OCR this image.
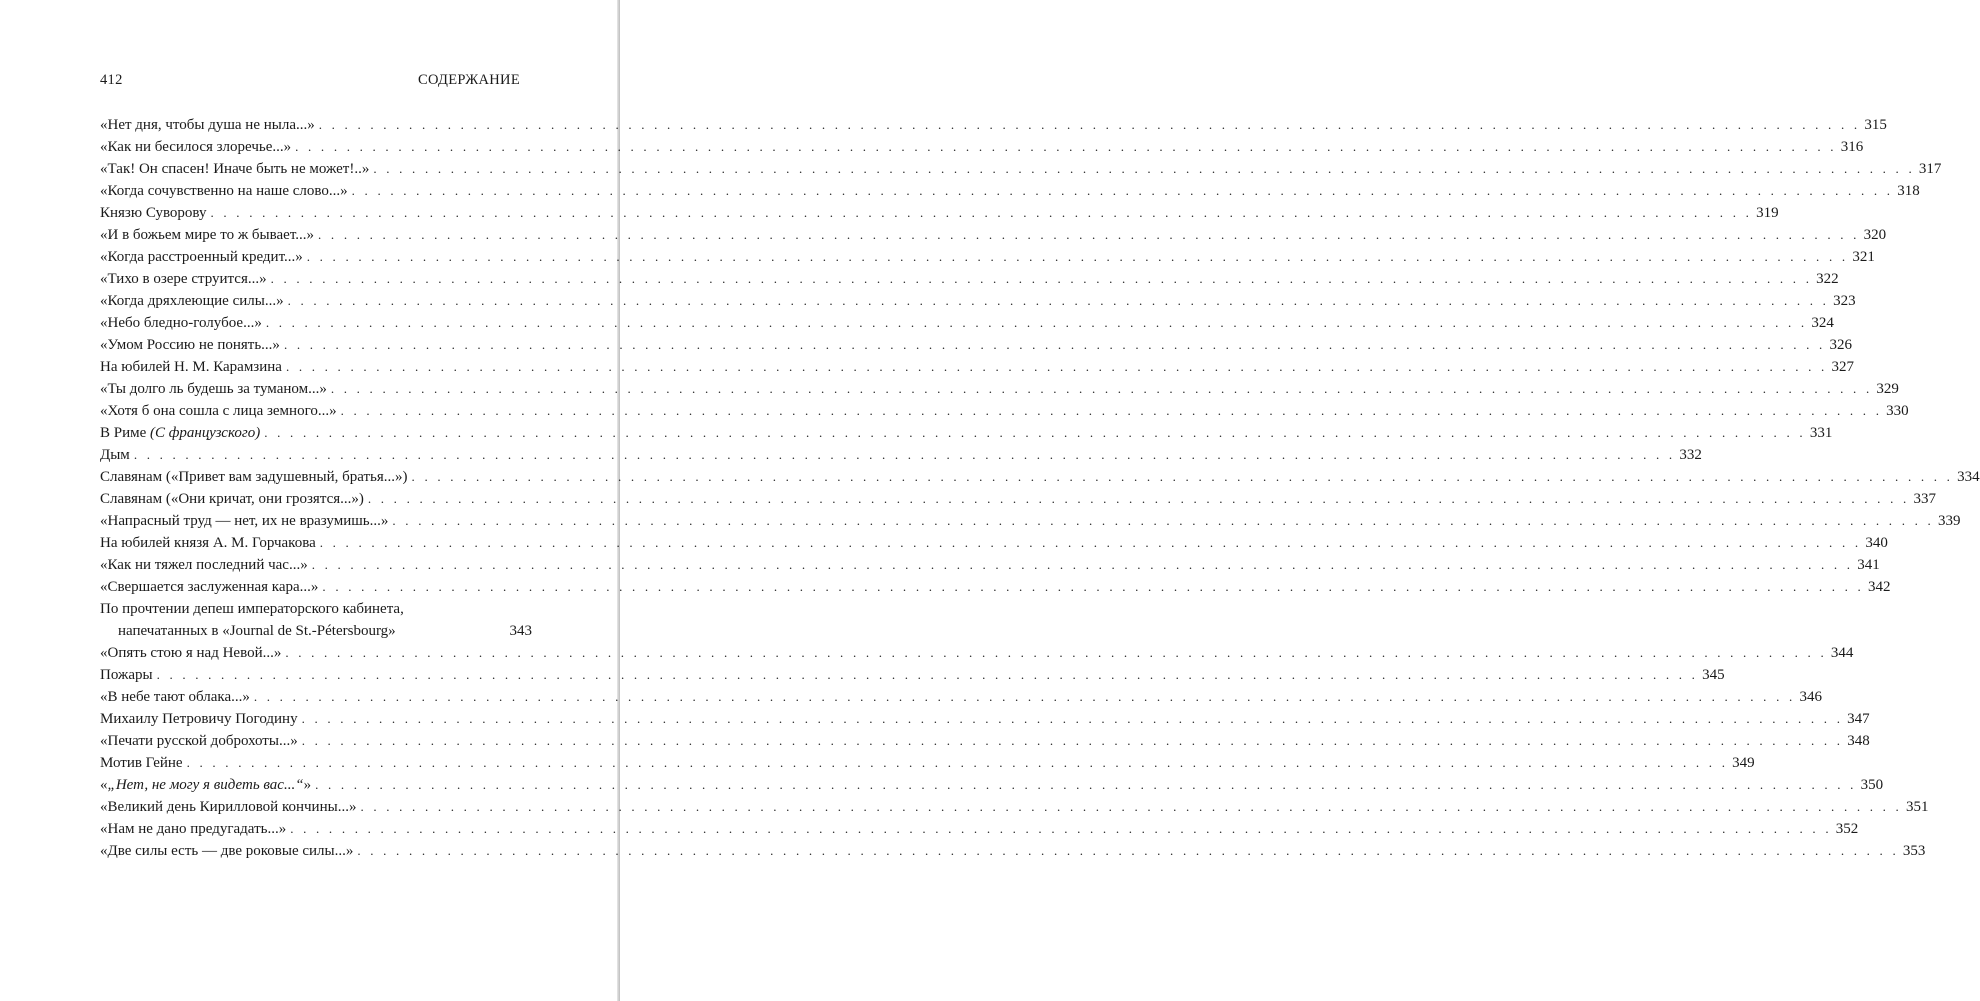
412	СОДЕРЖАНИЕ
«Нет дня, чтобы душа не ныла...» . . . . . . . . . . . . . . . . . . . . . . . . . . . . . . . . . . . . . . . . . . . . . . . . . . . . . . . . . . . . . . . . . . . . . . . . . . . . . . . . . . . . . . . . . . . . . . . . . . . . . . . . . . . . . . . . . . . . . . . . 315
«Как ни бесилося злоречье...» . . . . . . . . . . . . . . . . . . . . . . . . . . . . . . . . . . . . . . . . . . . . . . . . . . . . . . . . . . . . . . . . . . . . . . . . . . . . . . . . . . . . . . . . . . . . . . . . . . . . . . . . . . . . . . . . . . . . . . . . 316
«Так! Он спасен! Иначе быть не может!..» . . . . . . . . . . . . . . . . . . . . . . . . . . . . . . . . . . . . . . . . . . . . . . . . . . . . . . . . . . . . . . . . . . . . . . . . . . . . . . . . . . . . . . . . . . . . . . . . . . . . . . . . . . . . . . . . . . . . . . . . 317
«Когда сочувственно на наше слово...» . . . . . . . . . . . . . . . . . . . . . . . . . . . . . . . . . . . . . . . . . . . . . . . . . . . . . . . . . . . . . . . . . . . . . . . . . . . . . . . . . . . . . . . . . . . . . . . . . . . . . . . . . . . . . . . . . . . . . . . . 318
Князю Суворову . . . . . . . . . . . . . . . . . . . . . . . . . . . . . . . . . . . . . . . . . . . . . . . . . . . . . . . . . . . . . . . . . . . . . . . . . . . . . . . . . . . . . . . . . . . . . . . . . . . . . . . . . . . . . . . . . . . . . . . . 319
«И в божьем мире то ж бывает...» . . . . . . . . . . . . . . . . . . . . . . . . . . . . . . . . . . . . . . . . . . . . . . . . . . . . . . . . . . . . . . . . . . . . . . . . . . . . . . . . . . . . . . . . . . . . . . . . . . . . . . . . . . . . . . . . . . . . . . . . 320
«Когда расстроенный кредит...» . . . . . . . . . . . . . . . . . . . . . . . . . . . . . . . . . . . . . . . . . . . . . . . . . . . . . . . . . . . . . . . . . . . . . . . . . . . . . . . . . . . . . . . . . . . . . . . . . . . . . . . . . . . . . . . . . . . . . . . . 321
«Тихо в озере струится...» . . . . . . . . . . . . . . . . . . . . . . . . . . . . . . . . . . . . . . . . . . . . . . . . . . . . . . . . . . . . . . . . . . . . . . . . . . . . . . . . . . . . . . . . . . . . . . . . . . . . . . . . . . . . . . . . . . . . . . . . 322
«Когда дряхлеющие силы...» . . . . . . . . . . . . . . . . . . . . . . . . . . . . . . . . . . . . . . . . . . . . . . . . . . . . . . . . . . . . . . . . . . . . . . . . . . . . . . . . . . . . . . . . . . . . . . . . . . . . . . . . . . . . . . . . . . . . . . . . 323
«Небо бледно-голубое...» . . . . . . . . . . . . . . . . . . . . . . . . . . . . . . . . . . . . . . . . . . . . . . . . . . . . . . . . . . . . . . . . . . . . . . . . . . . . . . . . . . . . . . . . . . . . . . . . . . . . . . . . . . . . . . . . . . . . . . . . 324
«Умом Россию не понять...» . . . . . . . . . . . . . . . . . . . . . . . . . . . . . . . . . . . . . . . . . . . . . . . . . . . . . . . . . . . . . . . . . . . . . . . . . . . . . . . . . . . . . . . . . . . . . . . . . . . . . . . . . . . . . . . . . . . . . . . . 326
На юбилей Н. М. Карамзина . . . . . . . . . . . . . . . . . . . . . . . . . . . . . . . . . . . . . . . . . . . . . . . . . . . . . . . . . . . . . . . . . . . . . . . . . . . . . . . . . . . . . . . . . . . . . . . . . . . . . . . . . . . . . . . . . . . . . . . . 327
«Ты долго ль будешь за туманом...» . . . . . . . . . . . . . . . . . . . . . . . . . . . . . . . . . . . . . . . . . . . . . . . . . . . . . . . . . . . . . . . . . . . . . . . . . . . . . . . . . . . . . . . . . . . . . . . . . . . . . . . . . . . . . . . . . . . . . . . . 329
«Хотя б она сошла с лица земного...» . . . . . . . . . . . . . . . . . . . . . . . . . . . . . . . . . . . . . . . . . . . . . . . . . . . . . . . . . . . . . . . . . . . . . . . . . . . . . . . . . . . . . . . . . . . . . . . . . . . . . . . . . . . . . . . . . . . . . . . . 330
В Риме (С французского) . . . . . . . . . . . . . . . . . . . . . . . . . . . . . . . . . . . . . . . . . . . . . . . . . . . . . . . . . . . . . . . . . . . . . . . . . . . . . . . . . . . . . . . . . . . . . . . . . . . . . . . . . . . . . . . . . . . . . . . . 331
Дым . . . . . . . . . . . . . . . . . . . . . . . . . . . . . . . . . . . . . . . . . . . . . . . . . . . . . . . . . . . . . . . . . . . . . . . . . . . . . . . . . . . . . . . . . . . . . . . . . . . . . . . . . . . . . . . . . . . . . . . . 332
Славянам («Привет вам задушевный, братья...») . . . . . . . . . . . . . . . . . . . . . . . . . . . . . . . . . . . . . . . . . . . . . . . . . . . . . . . . . . . . . . . . . . . . . . . . . . . . . . . . . . . . . . . . . . . . . . . . . . . . . . . . . . . . . . . . . . . . . . . . 334
Славянам («Они кричат, они грозятся...») . . . . . . . . . . . . . . . . . . . . . . . . . . . . . . . . . . . . . . . . . . . . . . . . . . . . . . . . . . . . . . . . . . . . . . . . . . . . . . . . . . . . . . . . . . . . . . . . . . . . . . . . . . . . . . . . . . . . . . . . 337
«Напрасный труд — нет, их не вразумишь...» . . . . . . . . . . . . . . . . . . . . . . . . . . . . . . . . . . . . . . . . . . . . . . . . . . . . . . . . . . . . . . . . . . . . . . . . . . . . . . . . . . . . . . . . . . . . . . . . . . . . . . . . . . . . . . . . . . . . . . . . 339
На юбилей князя А. М. Горчакова . . . . . . . . . . . . . . . . . . . . . . . . . . . . . . . . . . . . . . . . . . . . . . . . . . . . . . . . . . . . . . . . . . . . . . . . . . . . . . . . . . . . . . . . . . . . . . . . . . . . . . . . . . . . . . . . . . . . . . . . 340
«Как ни тяжел последний час...» . . . . . . . . . . . . . . . . . . . . . . . . . . . . . . . . . . . . . . . . . . . . . . . . . . . . . . . . . . . . . . . . . . . . . . . . . . . . . . . . . . . . . . . . . . . . . . . . . . . . . . . . . . . . . . . . . . . . . . . . 341
«Свершается заслуженная кара...» . . . . . . . . . . . . . . . . . . . . . . . . . . . . . . . . . . . . . . . . . . . . . . . . . . . . . . . . . . . . . . . . . . . . . . . . . . . . . . . . . . . . . . . . . . . . . . . . . . . . . . . . . . . . . . . . . . . . . . . . 342
По прочтении депеш императорского кабинета,
напечатанных в «Journal de St.-Pétersbourg»	343
«Опять стою я над Невой...» . . . . . . . . . . . . . . . . . . . . . . . . . . . . . . . . . . . . . . . . . . . . . . . . . . . . . . . . . . . . . . . . . . . . . . . . . . . . . . . . . . . . . . . . . . . . . . . . . . . . . . . . . . . . . . . . . . . . . . . . 344
Пожары . . . . . . . . . . . . . . . . . . . . . . . . . . . . . . . . . . . . . . . . . . . . . . . . . . . . . . . . . . . . . . . . . . . . . . . . . . . . . . . . . . . . . . . . . . . . . . . . . . . . . . . . . . . . . . . . . . . . . . . . 345
«В небе тают облака...» . . . . . . . . . . . . . . . . . . . . . . . . . . . . . . . . . . . . . . . . . . . . . . . . . . . . . . . . . . . . . . . . . . . . . . . . . . . . . . . . . . . . . . . . . . . . . . . . . . . . . . . . . . . . . . . . . . . . . . . . 346
Михаилу Петровичу Погодину . . . . . . . . . . . . . . . . . . . . . . . . . . . . . . . . . . . . . . . . . . . . . . . . . . . . . . . . . . . . . . . . . . . . . . . . . . . . . . . . . . . . . . . . . . . . . . . . . . . . . . . . . . . . . . . . . . . . . . . . 347
«Печати русской доброхоты...» . . . . . . . . . . . . . . . . . . . . . . . . . . . . . . . . . . . . . . . . . . . . . . . . . . . . . . . . . . . . . . . . . . . . . . . . . . . . . . . . . . . . . . . . . . . . . . . . . . . . . . . . . . . . . . . . . . . . . . . . 348
Мотив Гейне . . . . . . . . . . . . . . . . . . . . . . . . . . . . . . . . . . . . . . . . . . . . . . . . . . . . . . . . . . . . . . . . . . . . . . . . . . . . . . . . . . . . . . . . . . . . . . . . . . . . . . . . . . . . . . . . . . . . . . . . 349
«„Нет, не могу я видеть вас...“» . . . . . . . . . . . . . . . . . . . . . . . . . . . . . . . . . . . . . . . . . . . . . . . . . . . . . . . . . . . . . . . . . . . . . . . . . . . . . . . . . . . . . . . . . . . . . . . . . . . . . . . . . . . . . . . . . . . . . . . . 350
«Великий день Кирилловой кончины...» . . . . . . . . . . . . . . . . . . . . . . . . . . . . . . . . . . . . . . . . . . . . . . . . . . . . . . . . . . . . . . . . . . . . . . . . . . . . . . . . . . . . . . . . . . . . . . . . . . . . . . . . . . . . . . . . . . . . . . . . 351
«Нам не дано предугадать...» . . . . . . . . . . . . . . . . . . . . . . . . . . . . . . . . . . . . . . . . . . . . . . . . . . . . . . . . . . . . . . . . . . . . . . . . . . . . . . . . . . . . . . . . . . . . . . . . . . . . . . . . . . . . . . . . . . . . . . . . 352
«Две силы есть — две роковые силы...» . . . . . . . . . . . . . . . . . . . . . . . . . . . . . . . . . . . . . . . . . . . . . . . . . . . . . . . . . . . . . . . . . . . . . . . . . . . . . . . . . . . . . . . . . . . . . . . . . . . . . . . . . . . . . . . . . . . . . . . . 353
